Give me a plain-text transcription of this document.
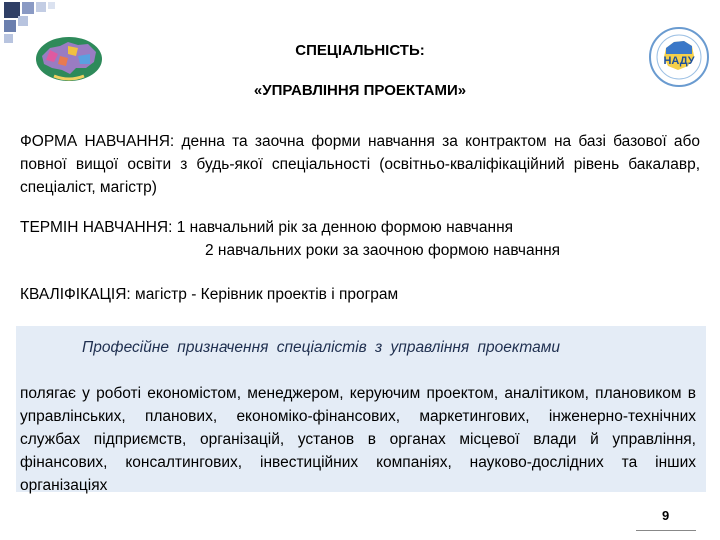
НАДУ
СПЕЦІАЛЬНІСТЬ:
«УПРАВЛІННЯ ПРОЕКТАМИ»
ФОРМА НАВЧАННЯ: денна та заочна форми навчання за контрактом на базі базової або повної вищої освіти з будь-якої спеціальності (освітньо-кваліфікаційний рівень бакалавр, спеціаліст, магістр)
ТЕРМІН НАВЧАННЯ: 1 навчальний рік за денною формою навчання
2 навчальних роки за заочною формою навчання
КВАЛІФІКАЦІЯ: магістр - Керівник проектів і програм
Професійне призначення спеціалістів з управління проектами
полягає у роботі економістом, менеджером, керуючим проектом, аналітиком, плановиком в управлінських, планових, економіко-фінансових, маркетингових, інженерно-технічних службах підприємств, організацій, установ в органах місцевої влади й управління, фінансових, консалтингових, інвестиційних компаніях, науково-дослідних та інших організаціях
9
